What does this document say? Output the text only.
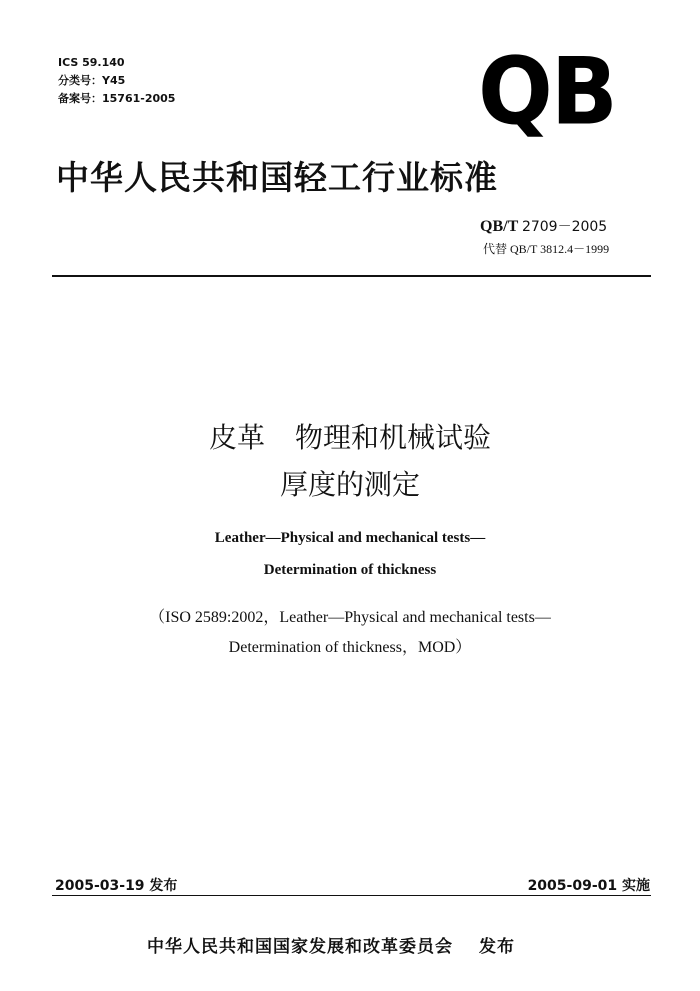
ICS 59.140
分类号：Y45
备案号：15761-2005	QB
中华人民共和国轻工行业标准
QB/T 2709－2005
代替 QB/T 3812.4－1999
皮革 物理和机械试验
厚度的测定
Leather—Physical and mechanical tests—
Determination of thickness
（ISO 2589:2002，Leather—Physical and mechanical tests—
Determination of thickness，MOD）
2005-03-19 发布	2005-09-01 实施
中华人民共和国国家发展和改革委员会 发布
